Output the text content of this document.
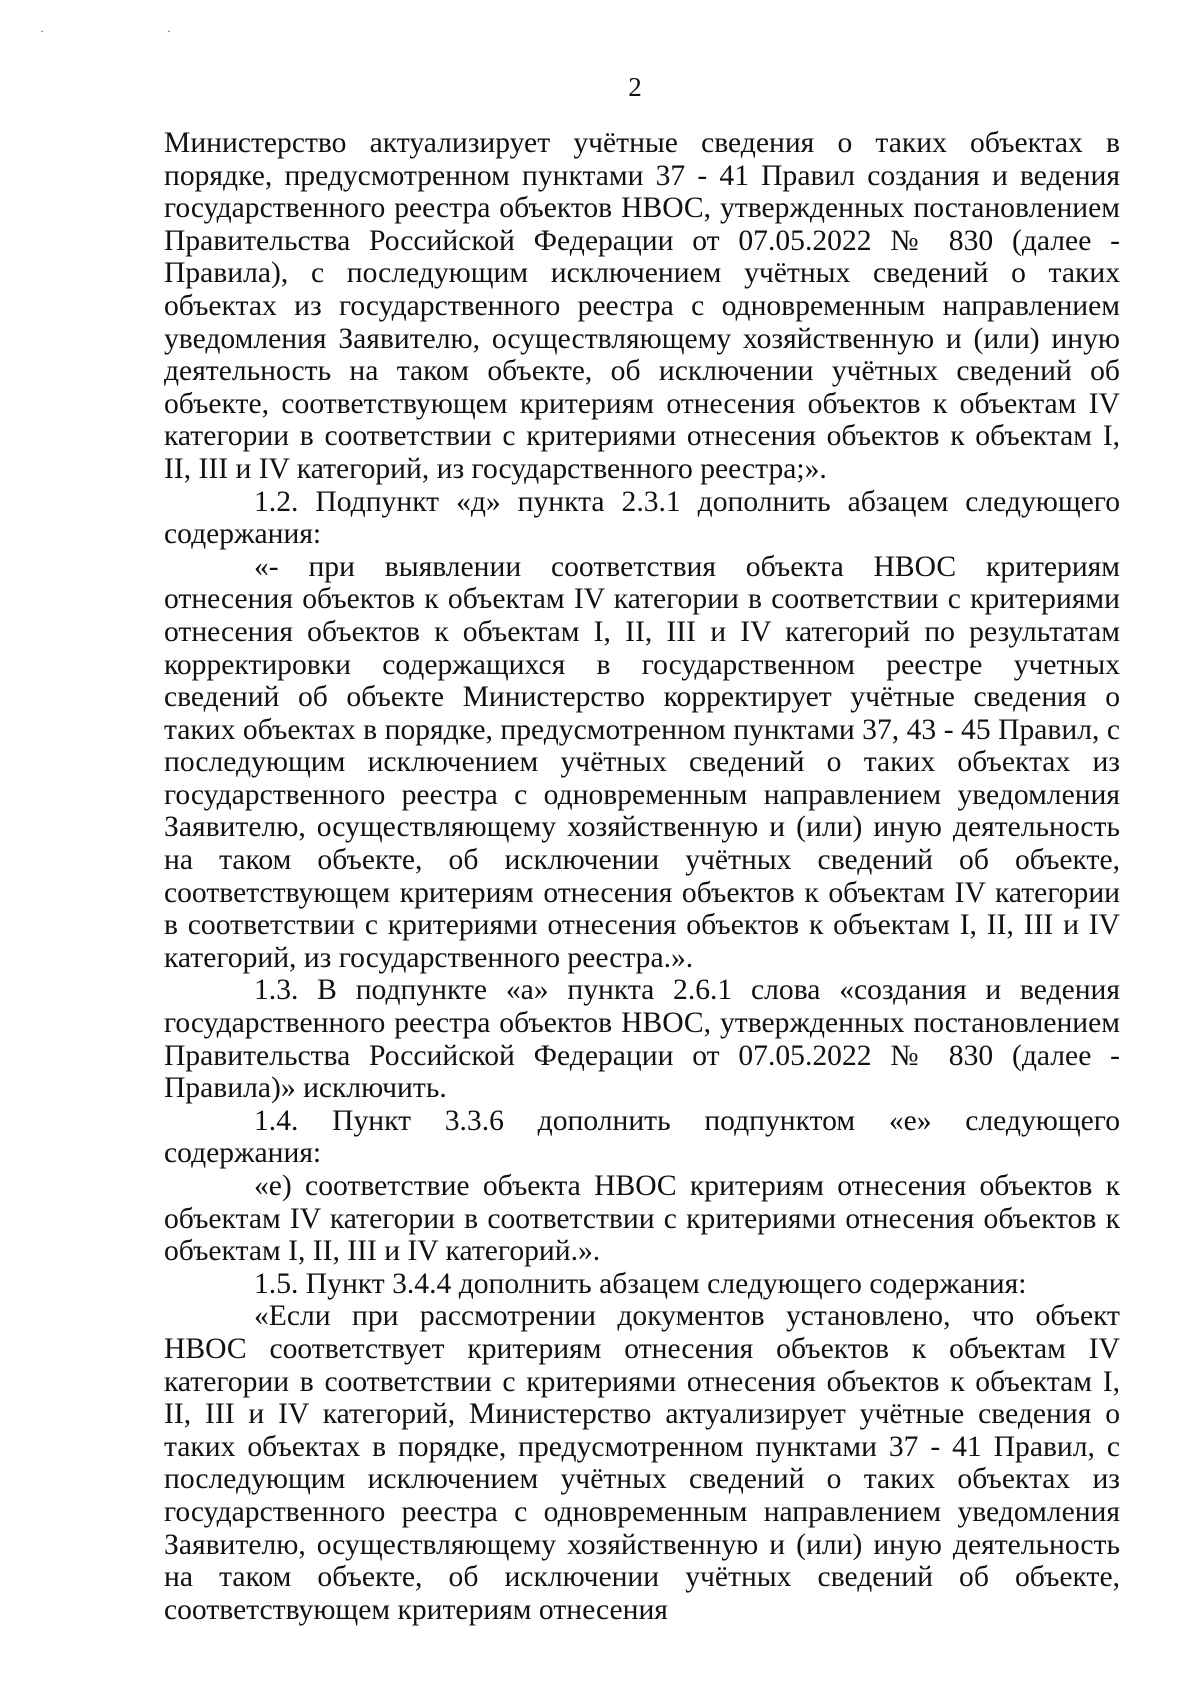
· ·
2

Министерство актуализирует учётные сведения о таких объектах в порядке, предусмотренном пунктами 37 - 41 Правил создания и ведения государственного реестра объектов НВОС, утвержденных постановлением Правительства Российской Федерации от 07.05.2022 № 830 (далее - Правила), с последующим исключением учётных сведений о таких объектах из государственного реестра с одновременным направлением уведомления Заявителю, осуществляющему хозяйственную и (или) иную деятельность на таком объекте, об исключении учётных сведений об объекте, соответствующем критериям отнесения объектов к объектам IV категории в соответствии с критериями отнесения объектов к объектам I, II, III и IV категорий, из государственного реестра;».

1.2. Подпункт «д» пункта 2.3.1 дополнить абзацем следующего содержания:

«- при выявлении соответствия объекта НВОС критериям отнесения объектов к объектам IV категории в соответствии с критериями отнесения объектов к объектам I, II, III и IV категорий по результатам корректировки содержащихся в государственном реестре учетных сведений об объекте Министерство корректирует учётные сведения о таких объектах в порядке, предусмотренном пунктами 37, 43 - 45 Правил, с последующим исключением учётных сведений о таких объектах из государственного реестра с одновременным направлением уведомления Заявителю, осуществляющему хозяйственную и (или) иную деятельность на таком объекте, об исключении учётных сведений об объекте, соответствующем критериям отнесения объектов к объектам IV категории в соответствии с критериями отнесения объектов к объектам I, II, III и IV категорий, из государственного реестра.».

1.3. В подпункте «а» пункта 2.6.1 слова «создания и ведения государственного реестра объектов НВОС, утвержденных постановлением Правительства Российской Федерации от 07.05.2022 № 830 (далее - Правила)» исключить.

1.4. Пункт 3.3.6 дополнить подпунктом «е» следующего содержания:

«е) соответствие объекта НВОС критериям отнесения объектов к объектам IV категории в соответствии с критериями отнесения объектов к объектам I, II, III и IV категорий.».

1.5. Пункт 3.4.4 дополнить абзацем следующего содержания:

«Если при рассмотрении документов установлено, что объект НВОС соответствует критериям отнесения объектов к объектам IV категории в соответствии с критериями отнесения объектов к объектам I, II, III и IV категорий, Министерство актуализирует учётные сведения о таких объектах в порядке, предусмотренном пунктами 37 - 41 Правил, с последующим исключением учётных сведений о таких объектах из государственного реестра с одновременным направлением уведомления Заявителю, осуществляющему хозяйственную и (или) иную деятельность на таком объекте, об исключении учётных сведений об объекте, соответствующем критериям отнесения
